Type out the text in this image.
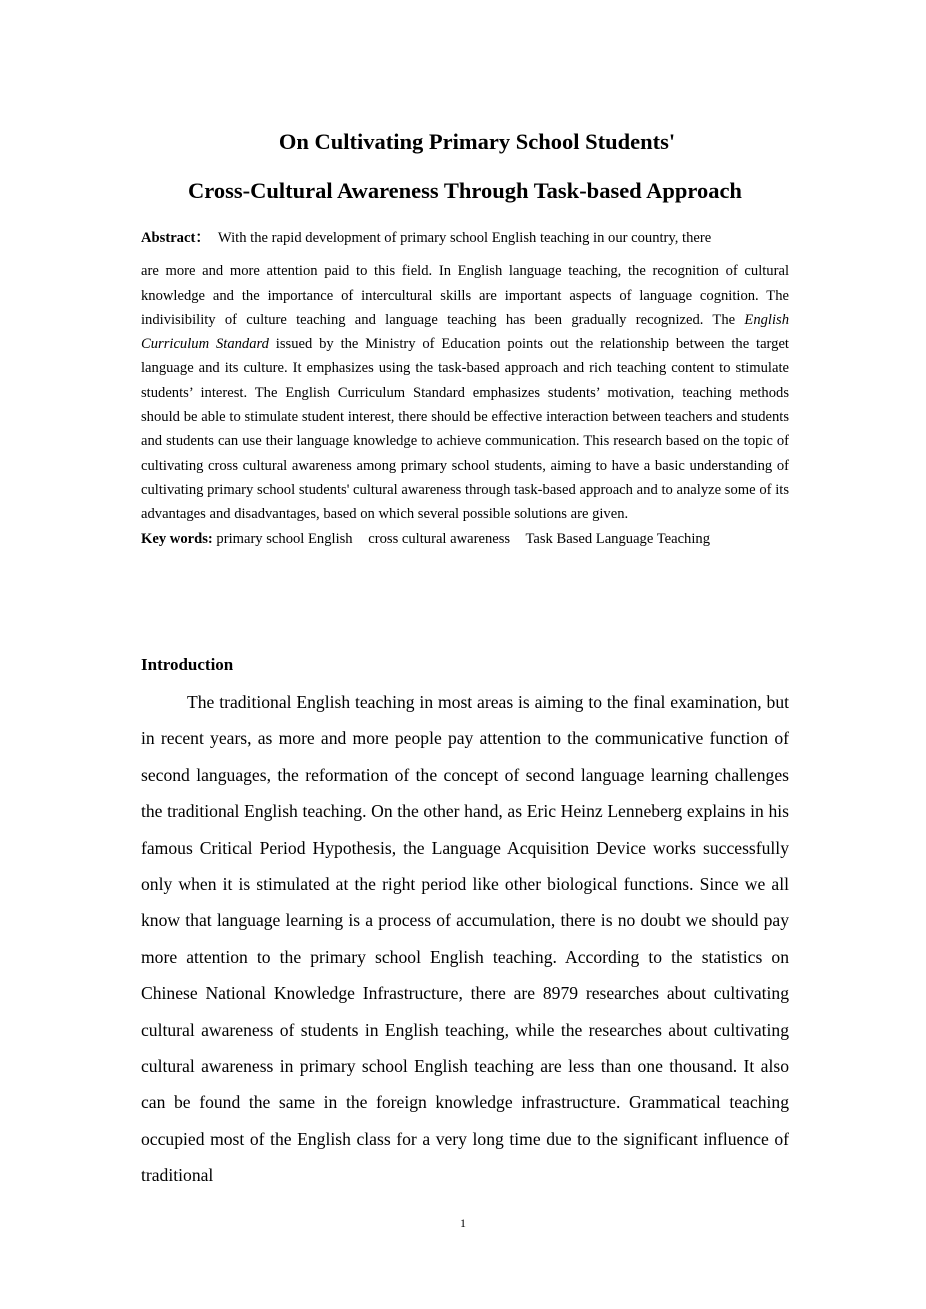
On Cultivating Primary School Students'
Cross-Cultural Awareness Through Task-based Approach
Abstract： With the rapid development of primary school English teaching in our country, there
are more and more attention paid to this field. In English language teaching, the recognition of cultural knowledge and the importance of intercultural skills are important aspects of language cognition. The indivisibility of culture teaching and language teaching has been gradually recognized. The English Curriculum Standard issued by the Ministry of Education points out the relationship between the target language and its culture. It emphasizes using the task-based approach and rich teaching content to stimulate students’ interest. The English Curriculum Standard emphasizes students’ motivation, teaching methods should be able to stimulate student interest, there should be effective interaction between teachers and students and students can use their language knowledge to achieve communication. This research based on the topic of cultivating cross cultural awareness among primary school students, aiming to have a basic understanding of cultivating primary school students' cultural awareness through task-based approach and to analyze some of its advantages and disadvantages, based on which several possible solutions are given.
Key words: primary school English cross cultural awareness Task Based Language Teaching
Introduction
The traditional English teaching in most areas is aiming to the final examination, but in recent years, as more and more people pay attention to the communicative function of second languages, the reformation of the concept of second language learning challenges the traditional English teaching. On the other hand, as Eric Heinz Lenneberg explains in his famous Critical Period Hypothesis, the Language Acquisition Device works successfully only when it is stimulated at the right period like other biological functions. Since we all know that language learning is a process of accumulation, there is no doubt we should pay more attention to the primary school English teaching. According to the statistics on Chinese National Knowledge Infrastructure, there are 8979 researches about cultivating cultural awareness of students in English teaching, while the researches about cultivating cultural awareness in primary school English teaching are less than one thousand. It also can be found the same in the foreign knowledge infrastructure. Grammatical teaching occupied most of the English class for a very long time due to the significant influence of traditional
1
